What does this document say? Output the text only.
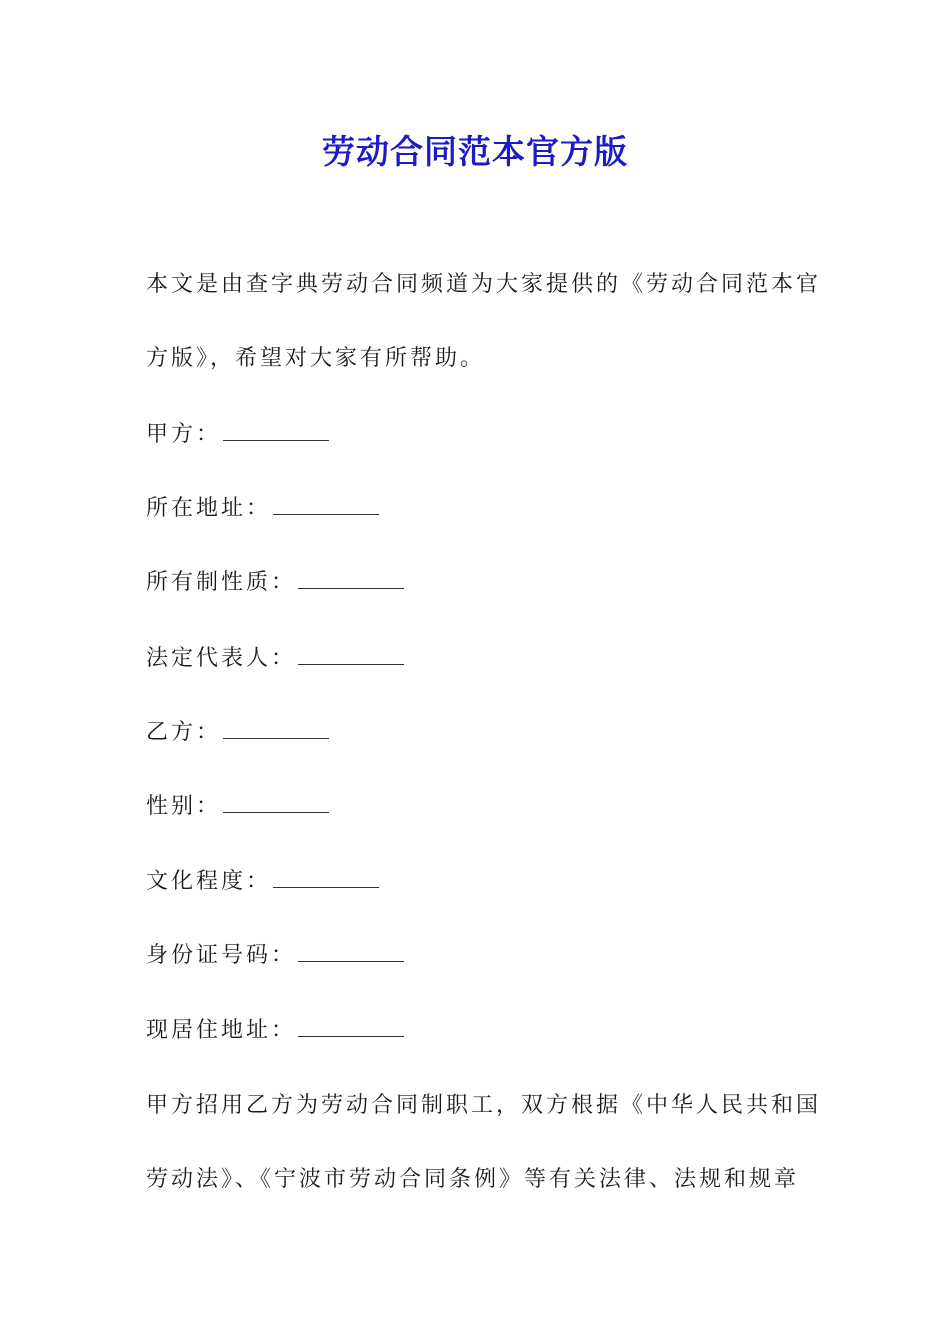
劳动合同范本官方版

本文是由查字典劳动合同频道为大家提供的《劳动合同范本官

方版》，希望对大家有所帮助。

甲方：

所在地址：

所有制性质：

法定代表人：

乙方：

性别：

文化程度：

身份证号码：

现居住地址：

甲方招用乙方为劳动合同制职工，双方根据《中华人民共和国

劳动法》、《宁波市劳动合同条例》等有关法律、法规和规章
